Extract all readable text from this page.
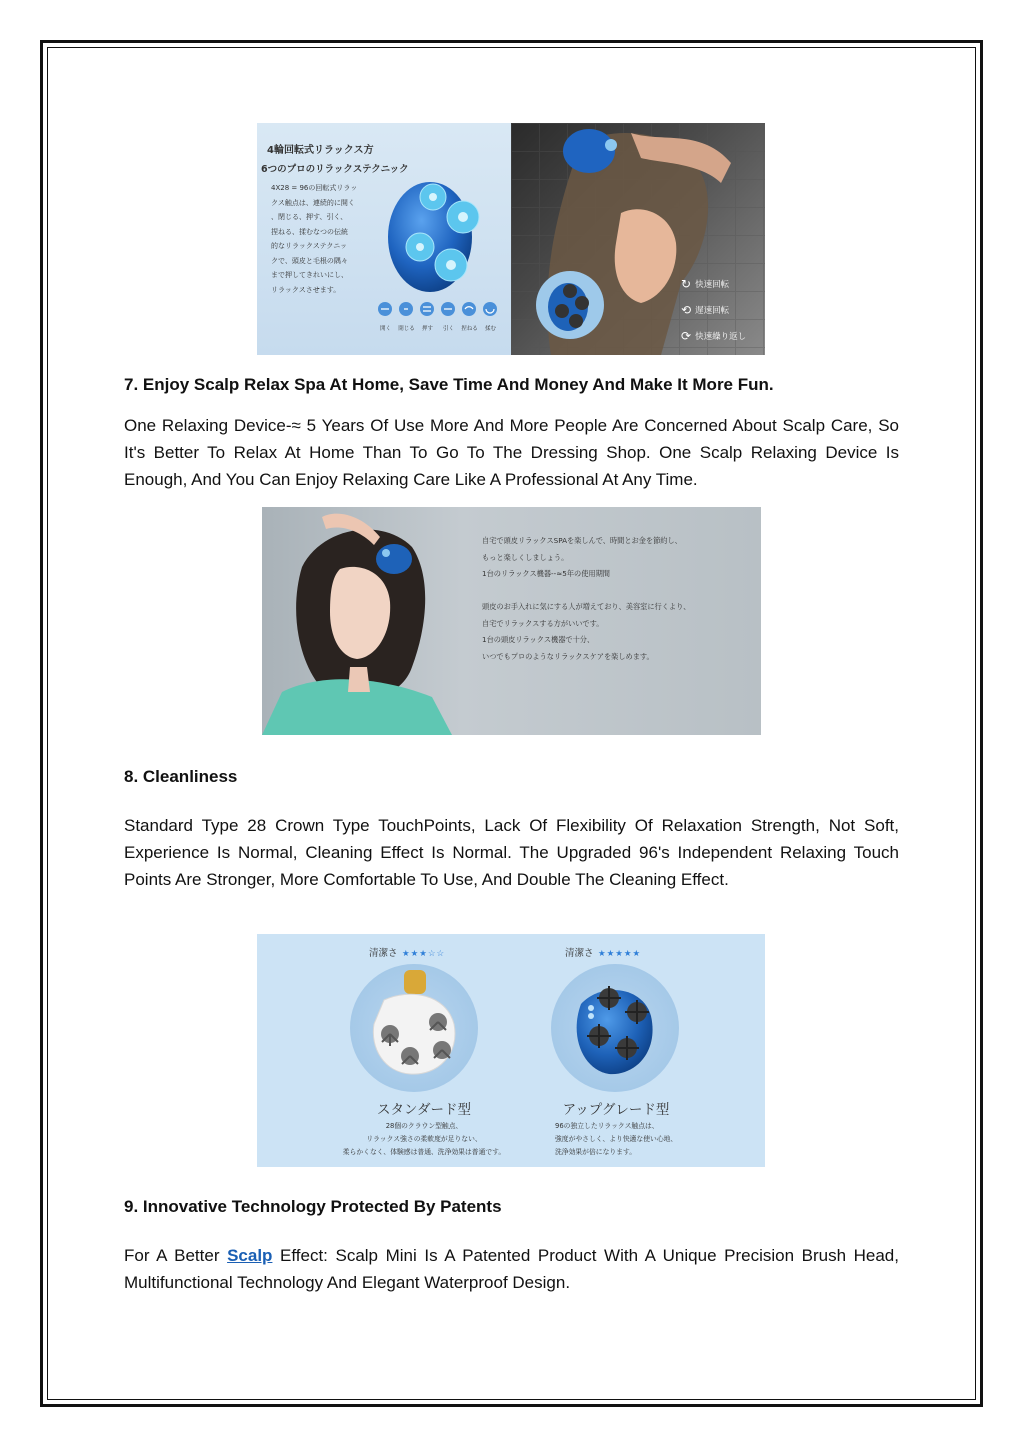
4輪回転式リラックス方
6つのプロのリラックステクニック
4X28 = 96の回転式リラッ
クス触点は、連続的に開く
、閉じる、押す、引く、
捏ねる、揉むなつの伝統
的なリラックステクニッ
クで、頭皮と毛根の隅々
まで押してきれいにし、
リラックスさせます。
開く	閉じる	押す	引く	捏ねる	揉む
↻ 快速回転
⟲ 遅速回転
⟳ 快速繰り返し
7. Enjoy Scalp Relax Spa At Home, Save Time And Money And Make It More Fun.

One Relaxing Device-≈ 5 Years Of Use More And More People Are Concerned About Scalp Care, So It's Better To Relax At Home Than To Go To The Dressing Shop. One Scalp Relaxing Device Is Enough, And You Can Enjoy Relaxing Care Like A Professional At Any Time.

自宅で頭皮リラックスSPAを楽しんで、時間とお金を節約し、
もっと楽しくしましょう。
1台のリラックス機器--≈5年の使用期間
頭皮のお手入れに気にする人が増えており、美容室に行くより、
自宅でリラックスする方がいいです。
1台の頭皮リラックス機器で十分、
いつでもプロのようなリラックスケアを楽しめます。
8. Cleanliness

Standard Type 28 Crown Type TouchPoints, Lack Of Flexibility Of Relaxation Strength, Not Soft, Experience Is Normal, Cleaning Effect Is Normal. The Upgraded 96's Independent Relaxing Touch Points Are Stronger, More Comfortable To Use, And Double The Cleaning Effect.

清潔さ ★★★☆☆
スタンダード型
28個のクラウン型触点、
リラックス強さの柔軟度が足りない、
柔らかくなく、体験感は普通、洗浄効果は普通です。
清潔さ ★★★★★
アップグレード型
96の独立したリラックス触点は、
強度がやさしく、より快適な使い心地、
洗浄効果が倍になります。
9. Innovative Technology Protected By Patents

For A Better Scalp Effect: Scalp Mini Is A Patented Product With A Unique Precision Brush Head, Multifunctional Technology And Elegant Waterproof Design.
